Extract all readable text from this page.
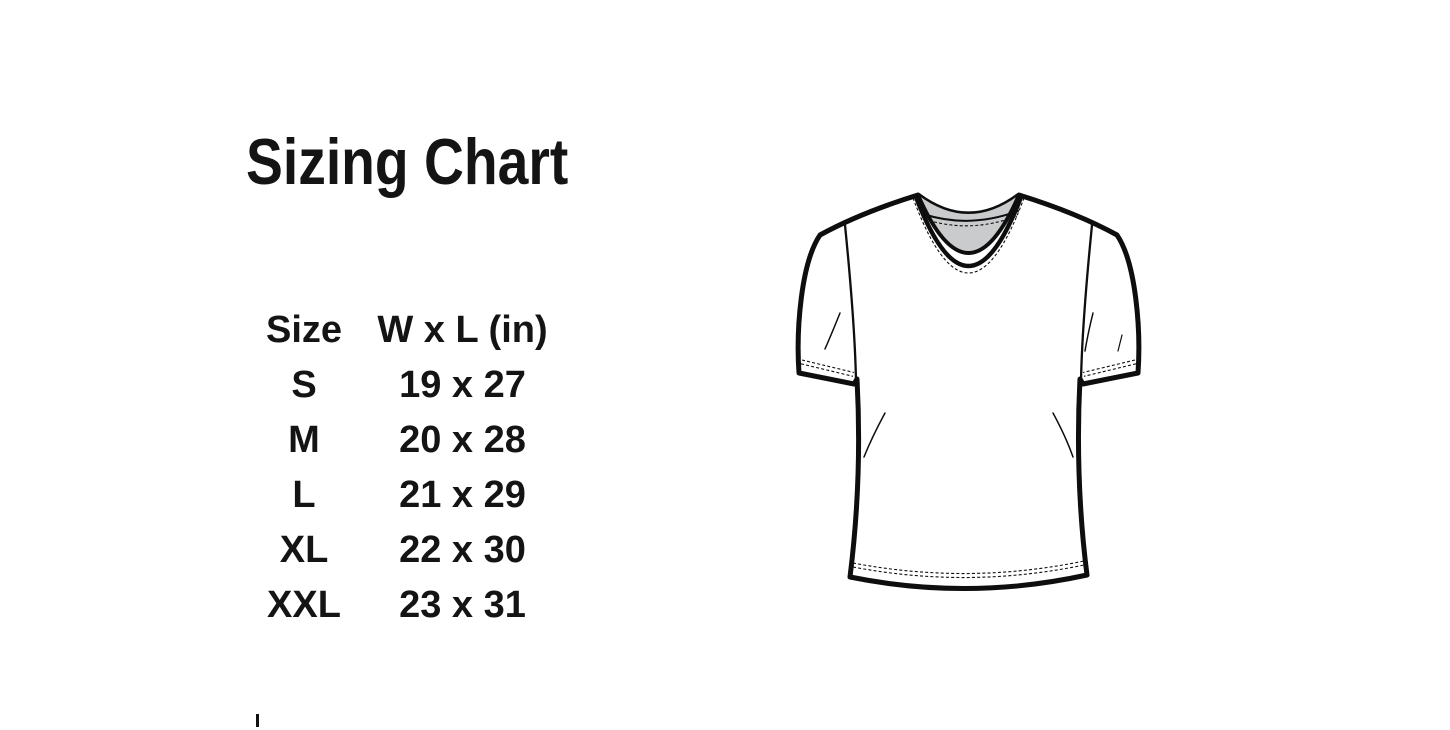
Sizing Chart
Size W x L (in)
S	19 x 27
M	20 x 28
L	21 x 29
XL	22 x 30
XXL	23 x 31
